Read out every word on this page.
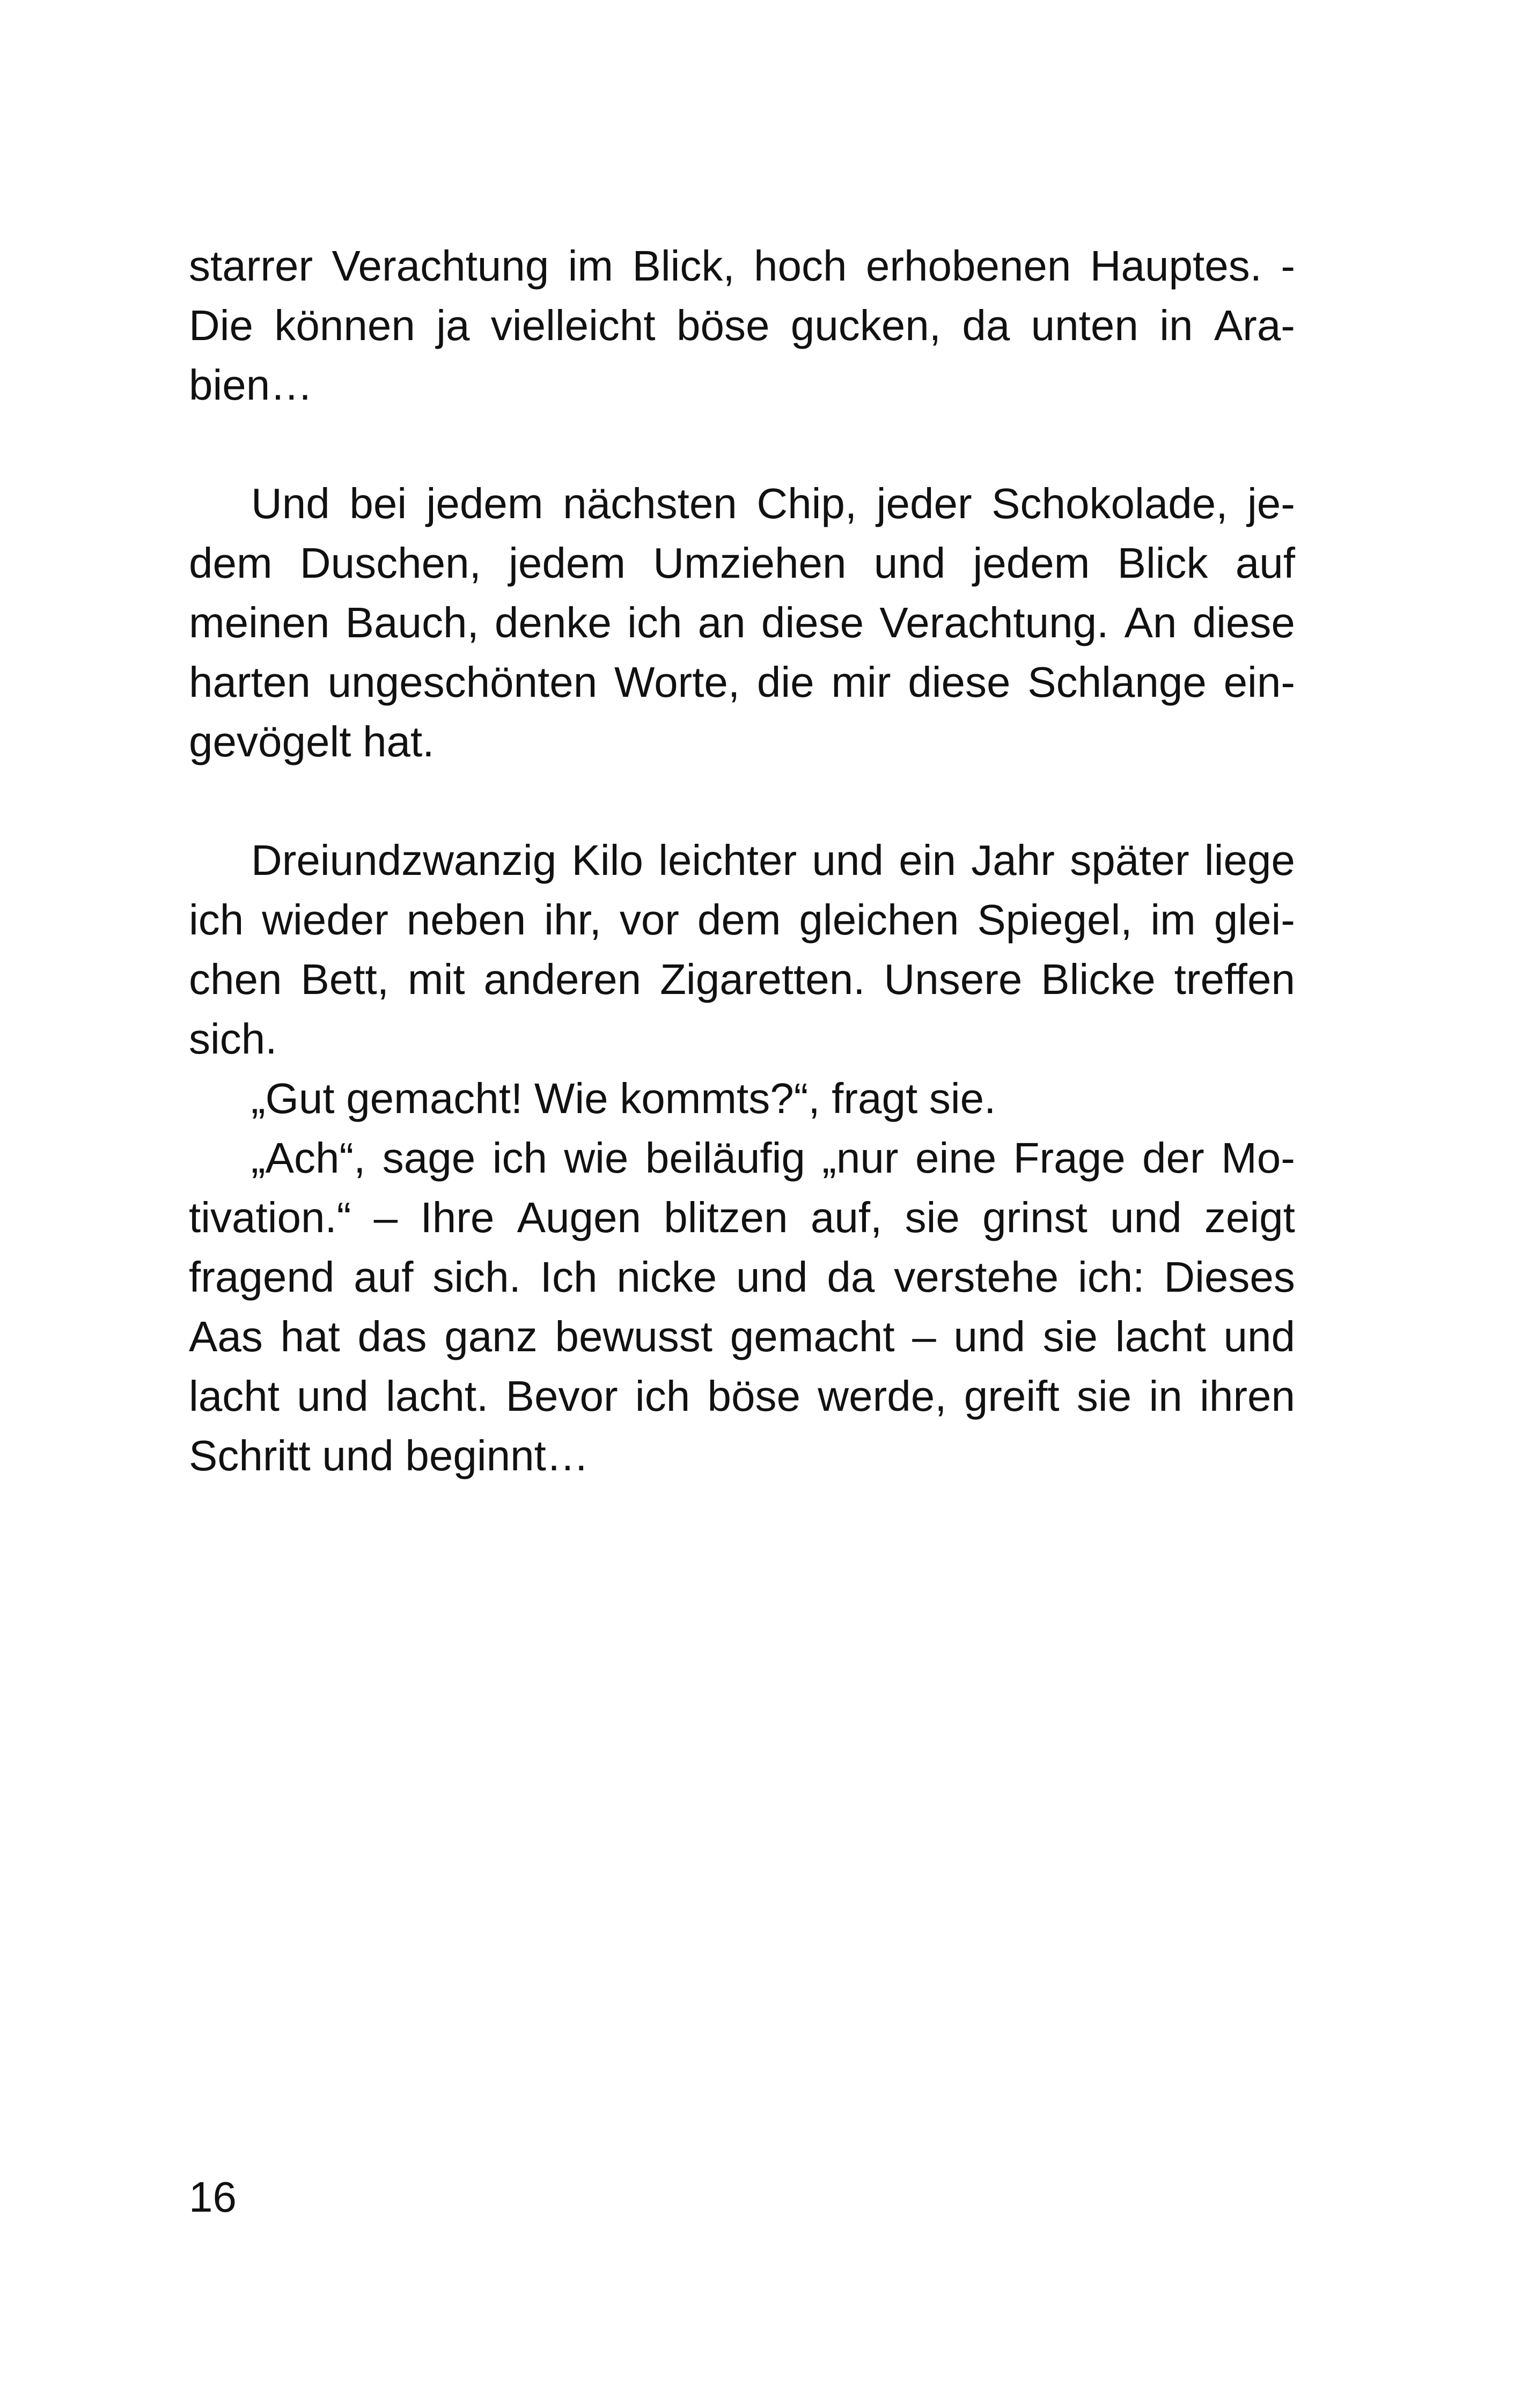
starrer Verachtung im Blick, hoch erhobenen Hauptes. -
Die können ja vielleicht böse gucken, da unten in Ara-
bien…
Und bei jedem nächsten Chip, jeder Schokolade, je-
dem Duschen, jedem Umziehen und jedem Blick auf
meinen Bauch, denke ich an diese Verachtung. An diese
harten ungeschönten Worte, die mir diese Schlange ein-
gevögelt hat.
Dreiundzwanzig Kilo leichter und ein Jahr später liege
ich wieder neben ihr, vor dem gleichen Spiegel, im glei-
chen Bett, mit anderen Zigaretten. Unsere Blicke treffen
sich.
„Gut gemacht! Wie kommts?“, fragt sie.
„Ach“, sage ich wie beiläufig „nur eine Frage der Mo-
tivation.“ – Ihre Augen blitzen auf, sie grinst und zeigt
fragend auf sich. Ich nicke und da verstehe ich: Dieses
Aas hat das ganz bewusst gemacht – und sie lacht und
lacht und lacht. Bevor ich böse werde, greift sie in ihren
Schritt und beginnt…
16
